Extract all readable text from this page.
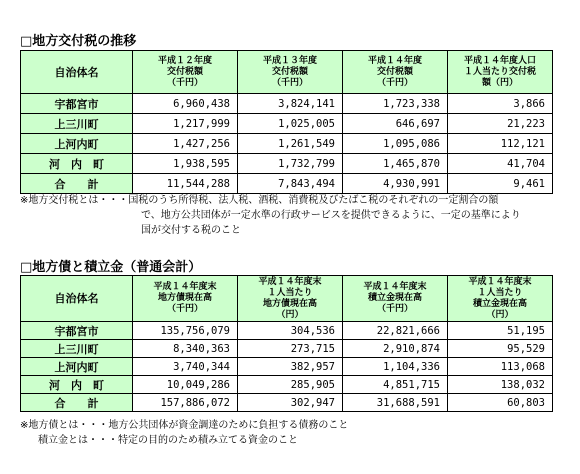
□地方交付税の推移
自治体名	平成１２年度
交付税額
（千円）	平成１３年度
交付税額
（千円）	平成１４年度
交付税額
（千円）	平成１４年度人口
１人当たり交付税
額（円）

宇都宮市	6,960,438	3,824,141	1,723,338	3,866
上三川町	1,217,999	1,025,005	646,697	21,223
上河内町	1,427,256	1,261,549	1,095,086	112,121
河　内　町	1,938,595	1,732,799	1,465,870	41,704
合　　計	11,544,288	7,843,494	4,930,991	9,461
※地方交付税とは・・・国税のうち所得税、法人税、酒税、消費税及びたばこ税のそれぞれの一定割合の額
で、地方公共団体が一定水準の行政サービスを提供できるように、一定の基準により
国が交付する税のこと
□地方債と積立金（普通会計）
自治体名	平成１４年度末
地方債現在高
（千円）	平成１４年度末
１人当たり
地方債現在高
（円）	平成１４年度末
積立金現在高
（千円）	平成１４年度末
１人当たり
積立金現在高
（円）

宇都宮市	135,756,079	304,536	22,821,666	51,195
上三川町	8,340,363	273,715	2,910,874	95,529
上河内町	3,740,344	382,957	1,104,336	113,068
河　内　町	10,049,286	285,905	4,851,715	138,032
合　　計	157,886,072	302,947	31,688,591	60,803
※地方債とは・・・地方公共団体が資金調達のために負担する債務のこと
積立金とは・・・特定の目的のため積み立てる資金のこと
